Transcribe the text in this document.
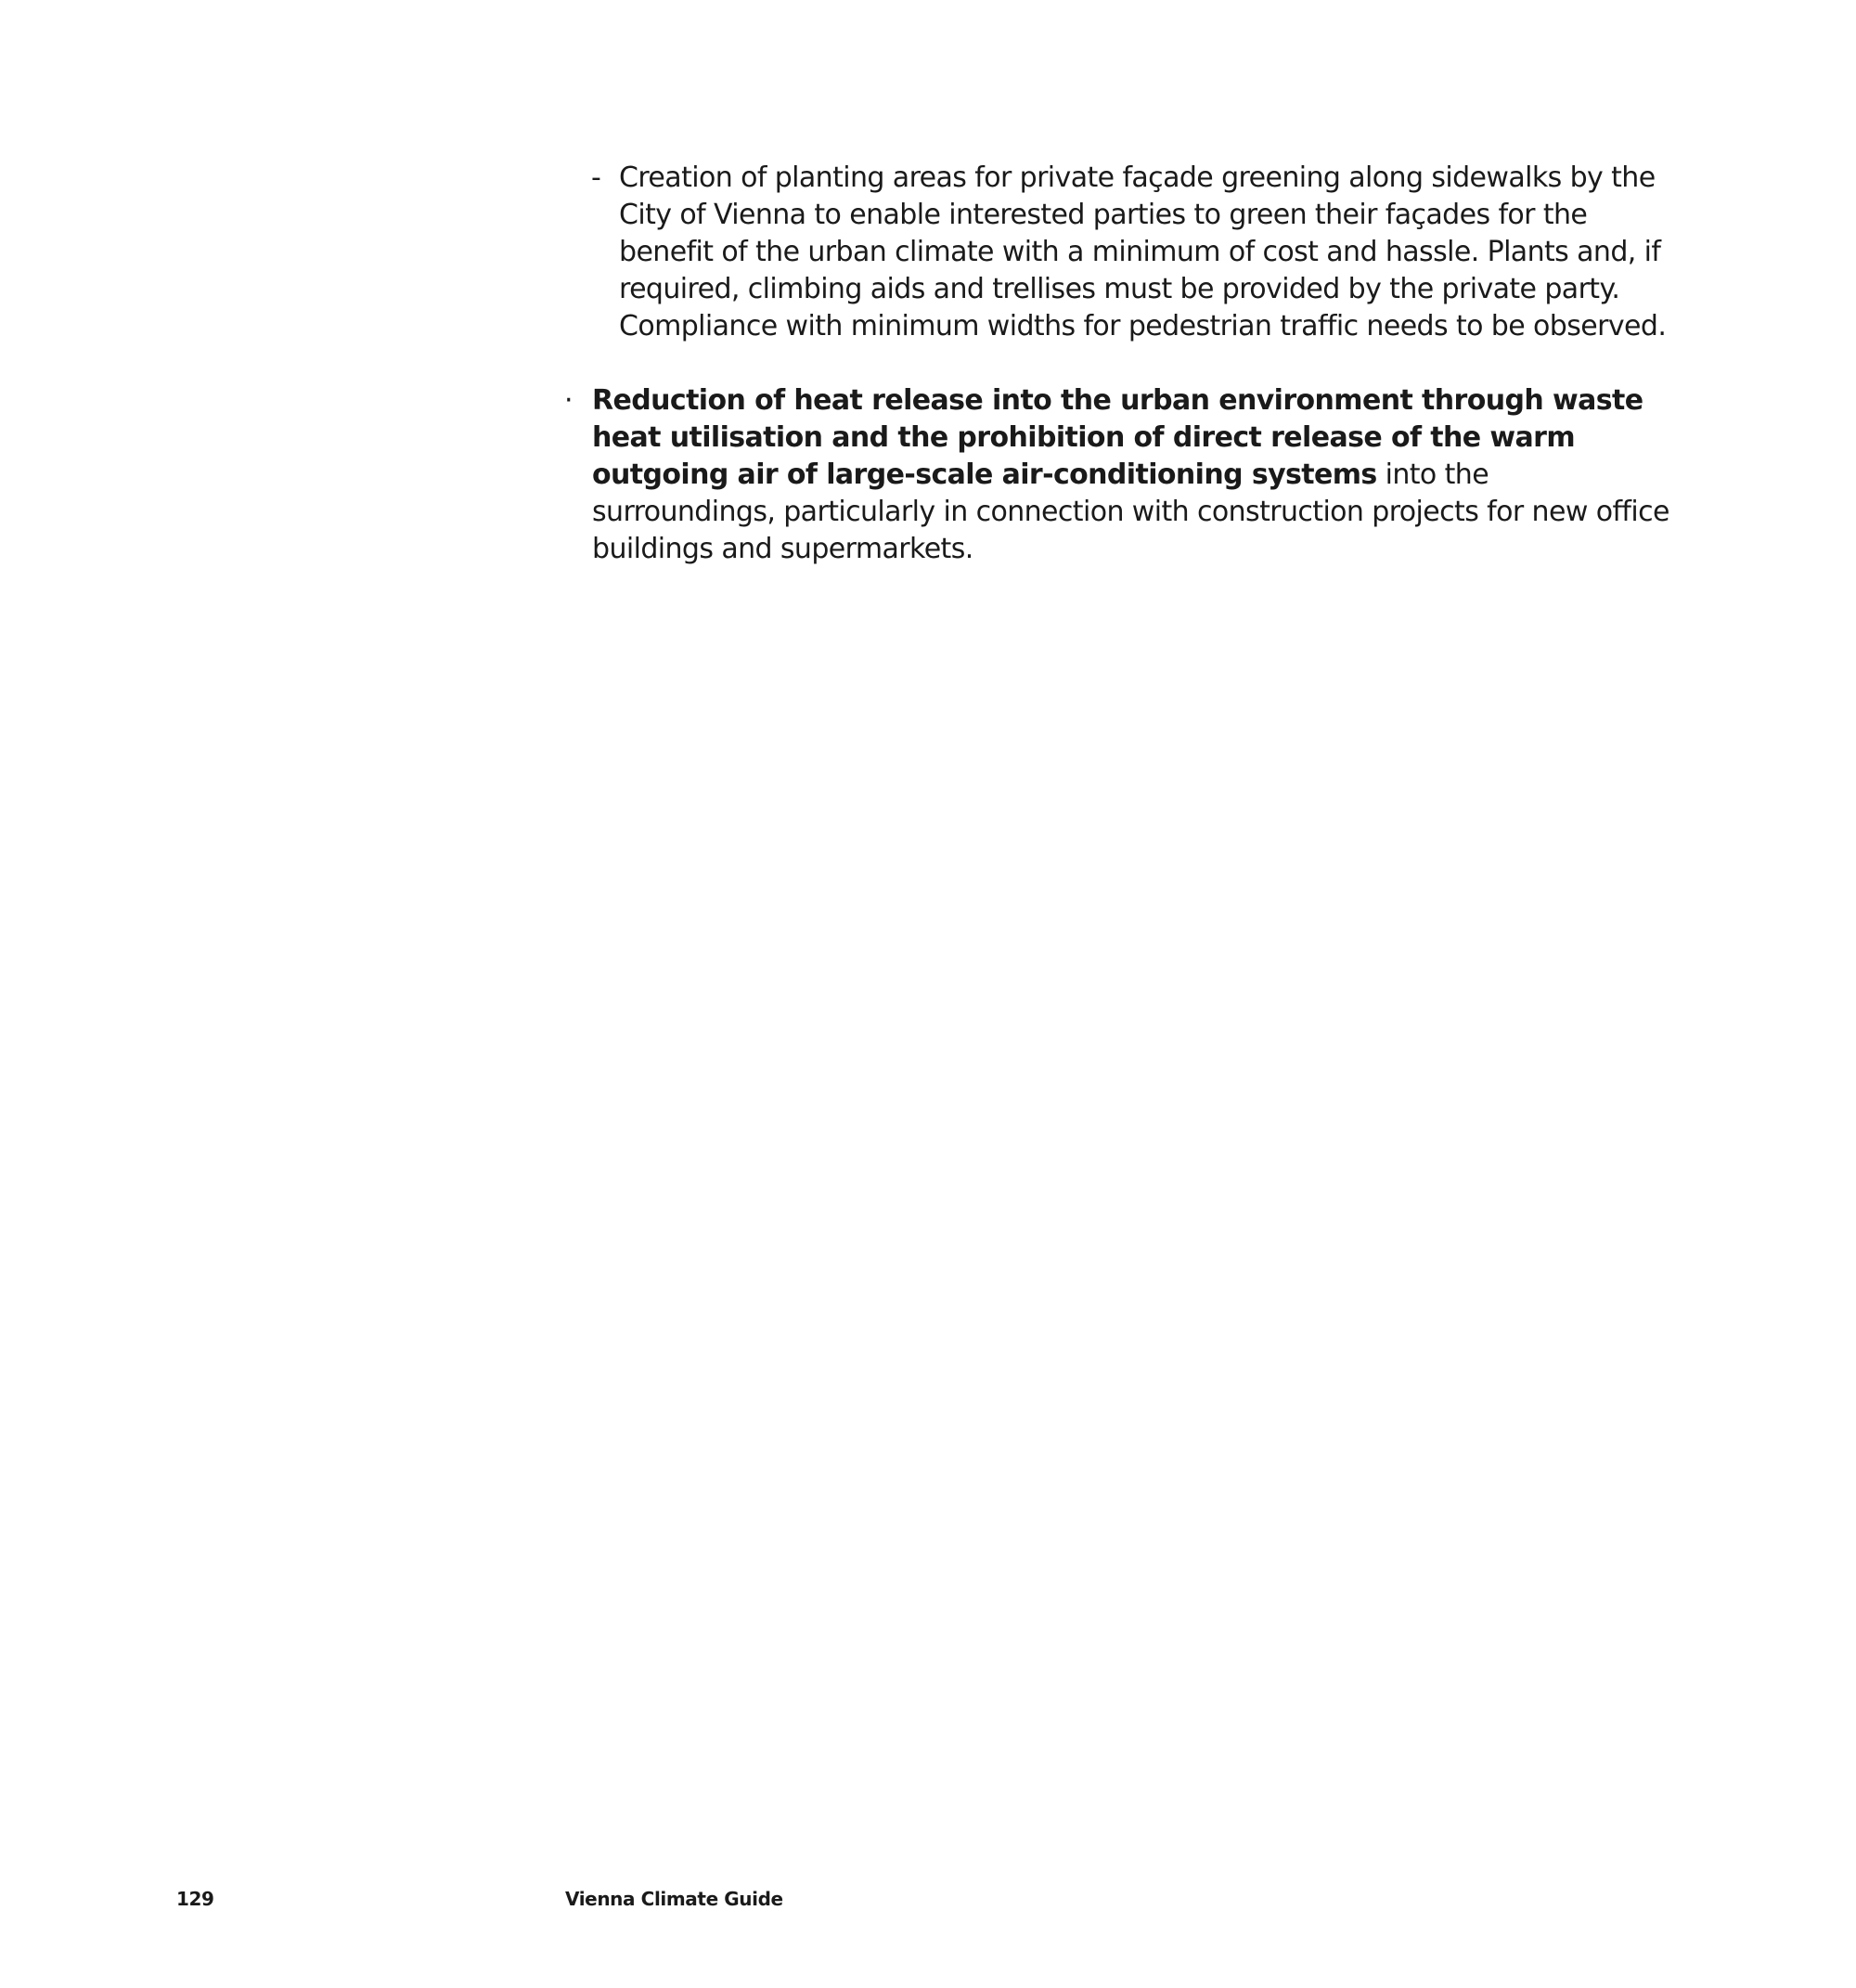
- Creation of planting areas for private façade greening along sidewalks by the City of Vienna to enable interested parties to green their façades for the benefit of the urban climate with a minimum of cost and hassle. Plants and, if required, climbing aids and trellises must be provided by the private party. Compliance with minimum widths for pedestrian traffic needs to be observed.
· Reduction of heat release into the urban environment through waste heat utilisation and the prohibition of direct release of the warm outgoing air of large-scale air-conditioning systems into the surroundings, particularly in connection with construction projects for new office buildings and supermarkets.
129	Vienna Climate Guide
